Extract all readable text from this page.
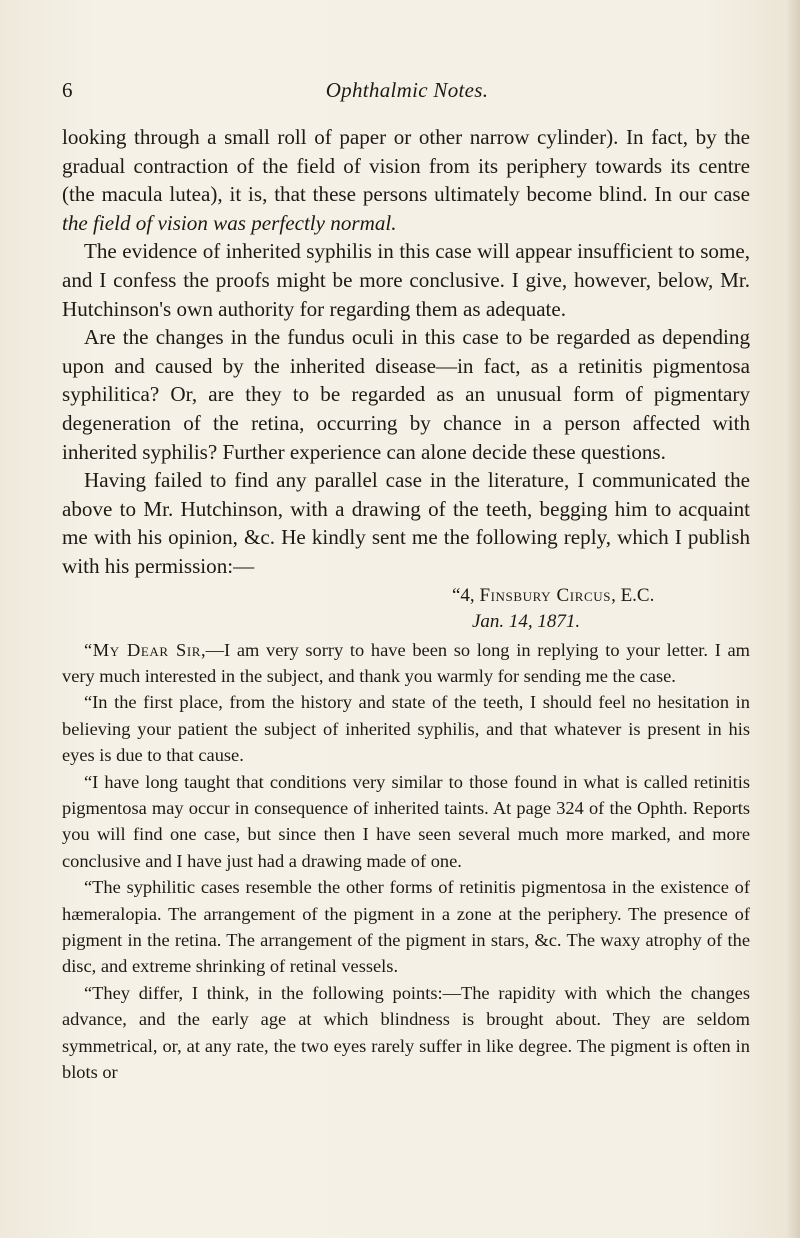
6	Ophthalmic Notes.

looking through a small roll of paper or other narrow cylinder). In fact, by the gradual contraction of the field of vision from its periphery towards its centre (the macula lutea), it is, that these persons ultimately become blind. In our case the field of vision was perfectly normal.

The evidence of inherited syphilis in this case will appear insufficient to some, and I confess the proofs might be more conclusive. I give, however, below, Mr. Hutchinson's own authority for regarding them as adequate.

Are the changes in the fundus oculi in this case to be regarded as depending upon and caused by the inherited disease—in fact, as a retinitis pigmentosa syphilitica? Or, are they to be regarded as an unusual form of pigmentary degeneration of the retina, occurring by chance in a person affected with inherited syphilis? Further experience can alone decide these questions.

Having failed to find any parallel case in the literature, I communicated the above to Mr. Hutchinson, with a drawing of the teeth, begging him to acquaint me with his opinion, &c. He kindly sent me the following reply, which I publish with his permission:—

“4, Finsbury Circus, E.C.

Jan. 14, 1871.

“My Dear Sir,—I am very sorry to have been so long in replying to your letter. I am very much interested in the subject, and thank you warmly for sending me the case.

“In the first place, from the history and state of the teeth, I should feel no hesitation in believing your patient the subject of inherited syphilis, and that whatever is present in his eyes is due to that cause.

“I have long taught that conditions very similar to those found in what is called retinitis pigmentosa may occur in consequence of inherited taints. At page 324 of the Ophth. Reports you will find one case, but since then I have seen several much more marked, and more conclusive and I have just had a drawing made of one.

“The syphilitic cases resemble the other forms of retinitis pigmentosa in the existence of hæmeralopia. The arrangement of the pigment in a zone at the periphery. The presence of pigment in the retina. The arrangement of the pigment in stars, &c. The waxy atrophy of the disc, and extreme shrinking of retinal vessels.

“They differ, I think, in the following points:—The rapidity with which the changes advance, and the early age at which blindness is brought about. They are seldom symmetrical, or, at any rate, the two eyes rarely suffer in like degree. The pigment is often in blots or
